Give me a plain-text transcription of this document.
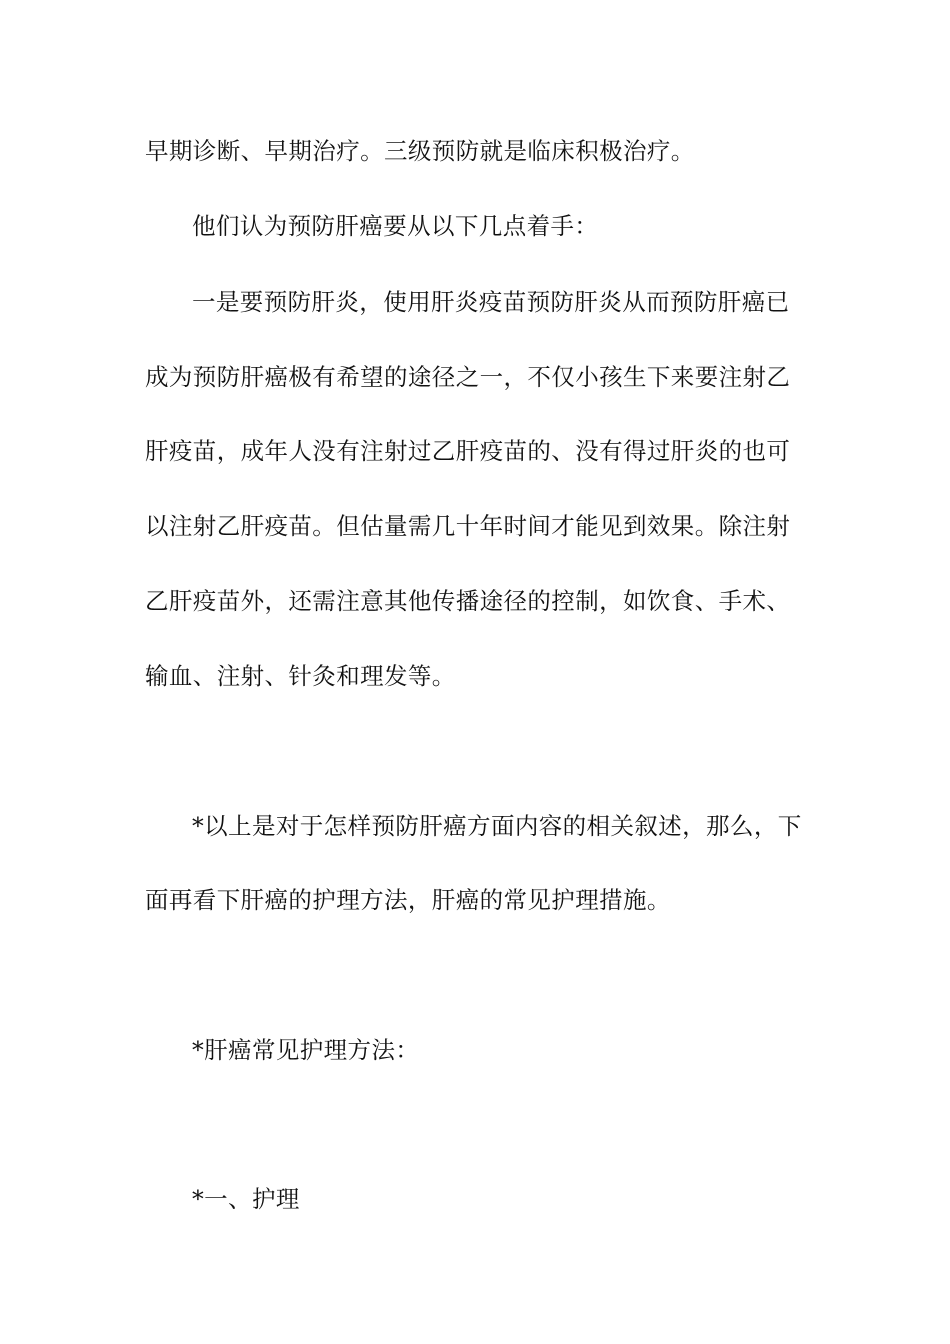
早期诊断、早期治疗。三级预防就是临床积极治疗。
他们认为预防肝癌要从以下几点着手：
一是要预防肝炎，使用肝炎疫苗预防肝炎从而预防肝癌已
成为预防肝癌极有希望的途径之一，不仅小孩生下来要注射乙
肝疫苗，成年人没有注射过乙肝疫苗的、没有得过肝炎的也可
以注射乙肝疫苗。但估量需几十年时间才能见到效果。除注射
乙肝疫苗外，还需注意其他传播途径的控制，如饮食、手术、
输血、注射、针灸和理发等。
*以上是对于怎样预防肝癌方面内容的相关叙述，那么，下
面再看下肝癌的护理方法，肝癌的常见护理措施。
*肝癌常见护理方法：
*一、护理
